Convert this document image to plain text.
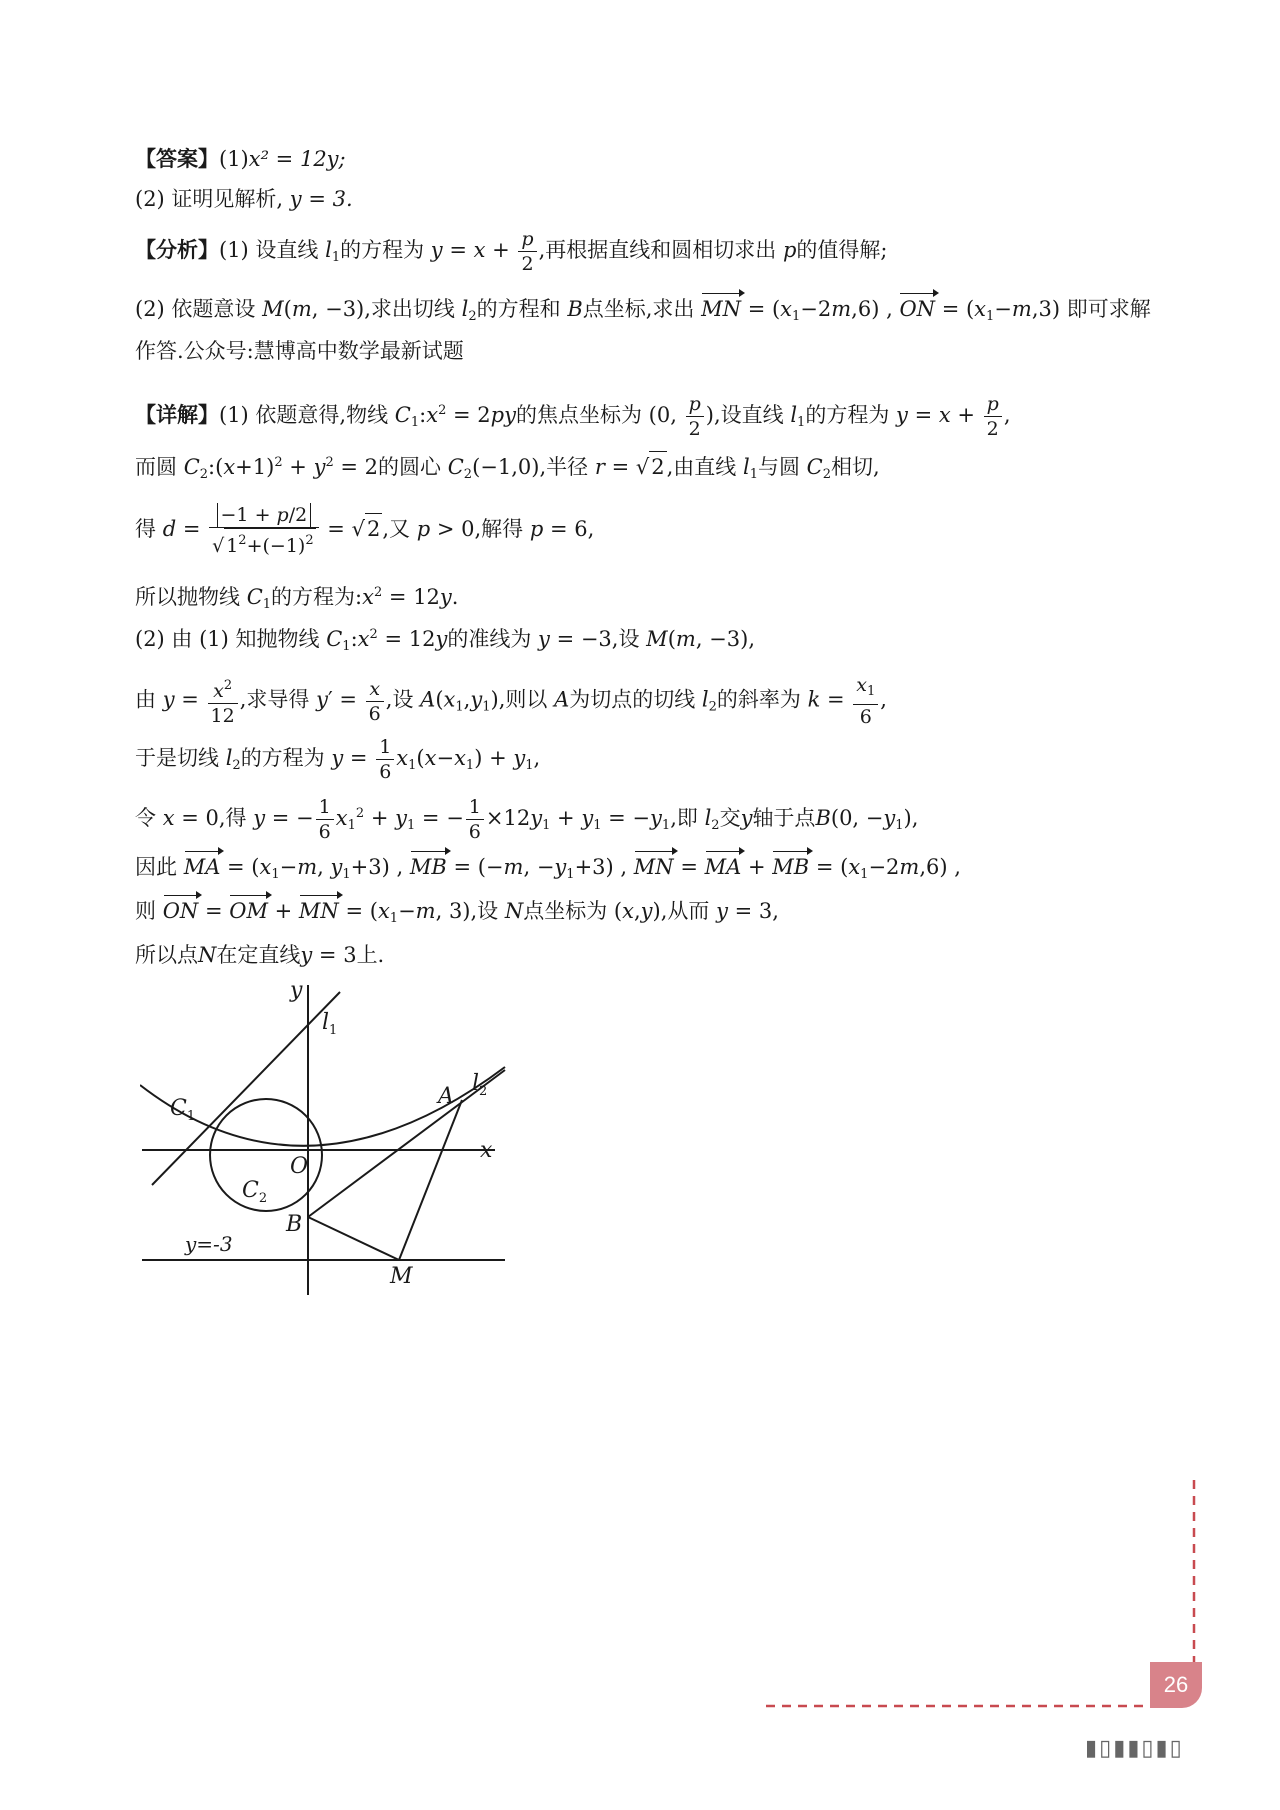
【答案】(1)x² = 12y;
(2) 证明见解析, y = 3.
【分析】(1) 设直线 $l_1$的方程为 $y = x + \frac{p}{2}$ ,再根据直线和圆相切求出 p的值得解;
(2) 依题意设 M(m, −3),求出切线 $l_2$的方程和 B点坐标,求出 MN = $(x_1-2m,6)$ , ON = $(x_1-m,3)$ 即可求解
作答.公众号:慧博高中数学最新试题
【详解】(1) 依题意得,物线 $C_1:x^2 = 2py$的焦点坐标为 (0, $\frac{p}{2}$ ),设直线 $l_1$的方程为 $y = x + \frac{p}{2}$ ,
而圆 $C_2:(x+1)^2 + y^2 = 2$的圆心 $C_2(-1,0)$,半径 r = √2,由直线 $l_1$与圆 $C_2$相切,
得 $d = \frac{-1 + p/2}{√ 1^2+(-1)^2} = √2$,又 p > 0,解得 p = 6,
所以抛物线 $C_1$的方程为$:x^2 = 12y$.
(2) 由 (1) 知抛物线 $C_1:x^2 = 12y$的准线为 y = −3,设 M(m, −3),
由 $y = \frac{x^2}{12}$ ,求导得 $y' = \frac{x}{6}$ ,设 $A(x_1,y_1)$,则以 A为切点的切线 $l_2$的斜率为 $k = \frac{x_1}{6}$ ,
于是切线 $l_2$的方程为 $y = \frac{1}{6} x_1(x-x_1) + y_1$,
令 x = 0,得 y = − $\frac{1}{6} x_1^2 + y_1$ = − $\frac{1}{6} \times 12y_1 + y_1 = -y_1$,即 $l_2$交y轴于点B(0, $-y_1$),
因此 MA = ($x_1-m$, $y_1+3$) , MB = (−m, $-y_1+3$) , MN = MA + MB = $(x_1-2m,6)$ ,
则 ON = OM + MN = ($x_1-m$, 3),设 N点坐标为 (x,y),从而 y = 3,
所以点N在定直线y = 3上.
y
x
O
$l_1$
$l_2$
$C_1$
$C_2$
A
B
M
y=-3
26
▮▯▮▮▯▮▯
